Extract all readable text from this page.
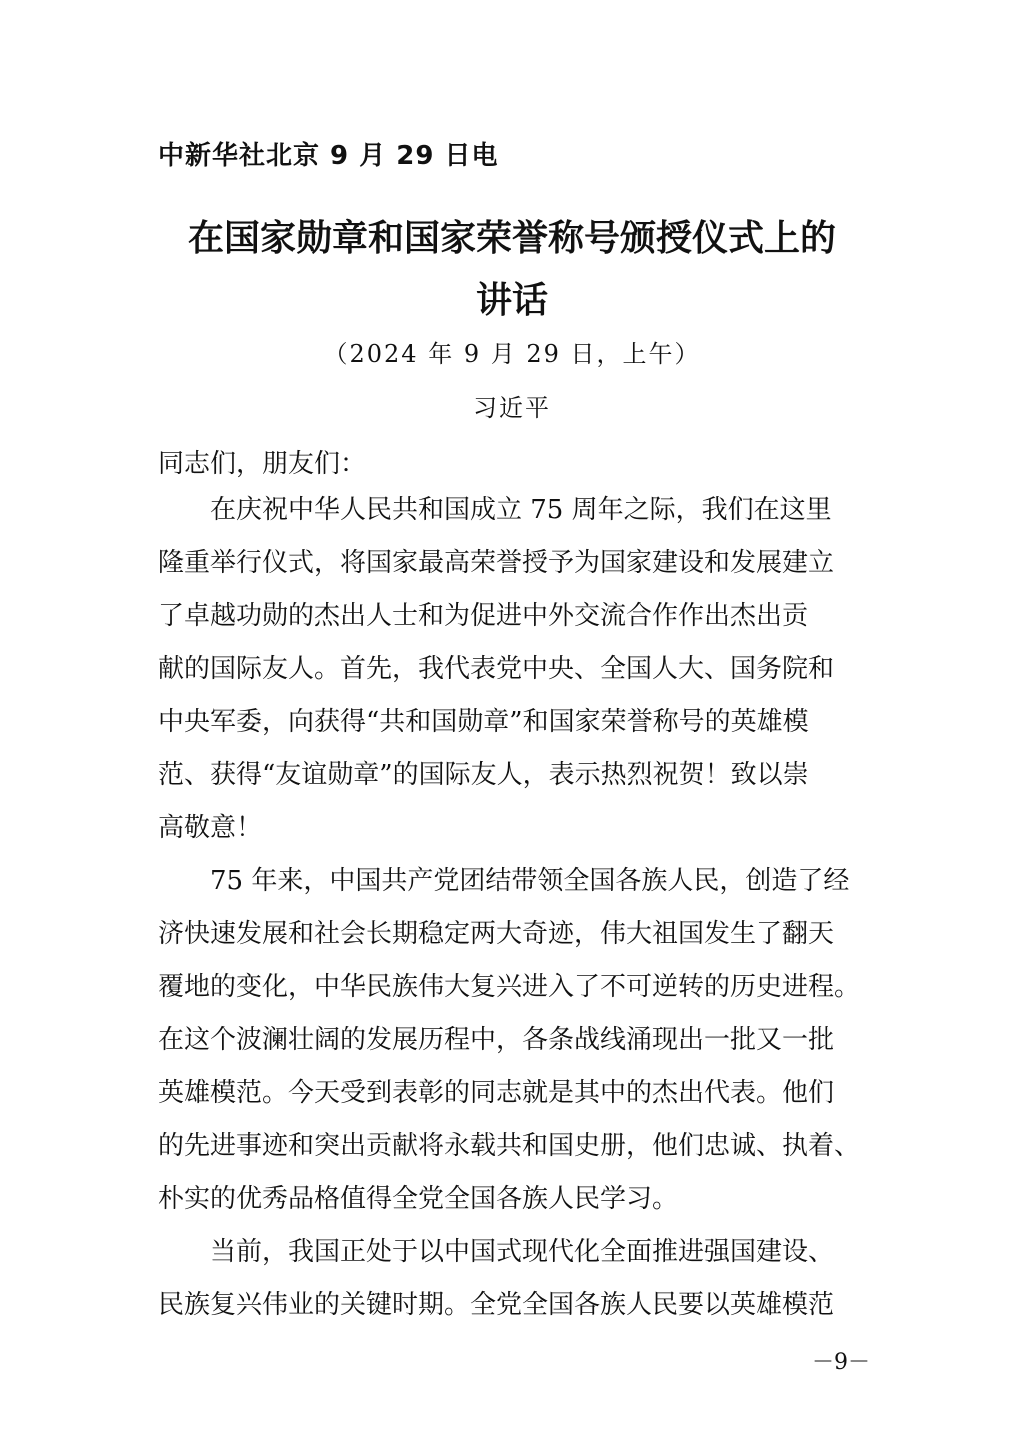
中新华社北京 9 月 29 日电
在国家勋章和国家荣誉称号颁授仪式上的
讲话
（2024 年 9 月 29 日，上午）
习近平
同志们，朋友们：
在庆祝中华人民共和国成立 75 周年之际，我们在这里
隆重举行仪式，将国家最高荣誉授予为国家建设和发展建立
了卓越功勋的杰出人士和为促进中外交流合作作出杰出贡
献的国际友人。首先，我代表党中央、全国人大、国务院和
中央军委，向获得“共和国勋章”和国家荣誉称号的英雄模
范、获得“友谊勋章”的国际友人，表示热烈祝贺！致以崇
高敬意！
75 年来，中国共产党团结带领全国各族人民，创造了经
济快速发展和社会长期稳定两大奇迹，伟大祖国发生了翻天
覆地的变化，中华民族伟大复兴进入了不可逆转的历史进程。
在这个波澜壮阔的发展历程中，各条战线涌现出一批又一批
英雄模范。今天受到表彰的同志就是其中的杰出代表。他们
的先进事迹和突出贡献将永载共和国史册，他们忠诚、执着、
朴实的优秀品格值得全党全国各族人民学习。
当前，我国正处于以中国式现代化全面推进强国建设、
民族复兴伟业的关键时期。全党全国各族人民要以英雄模范
－9－
